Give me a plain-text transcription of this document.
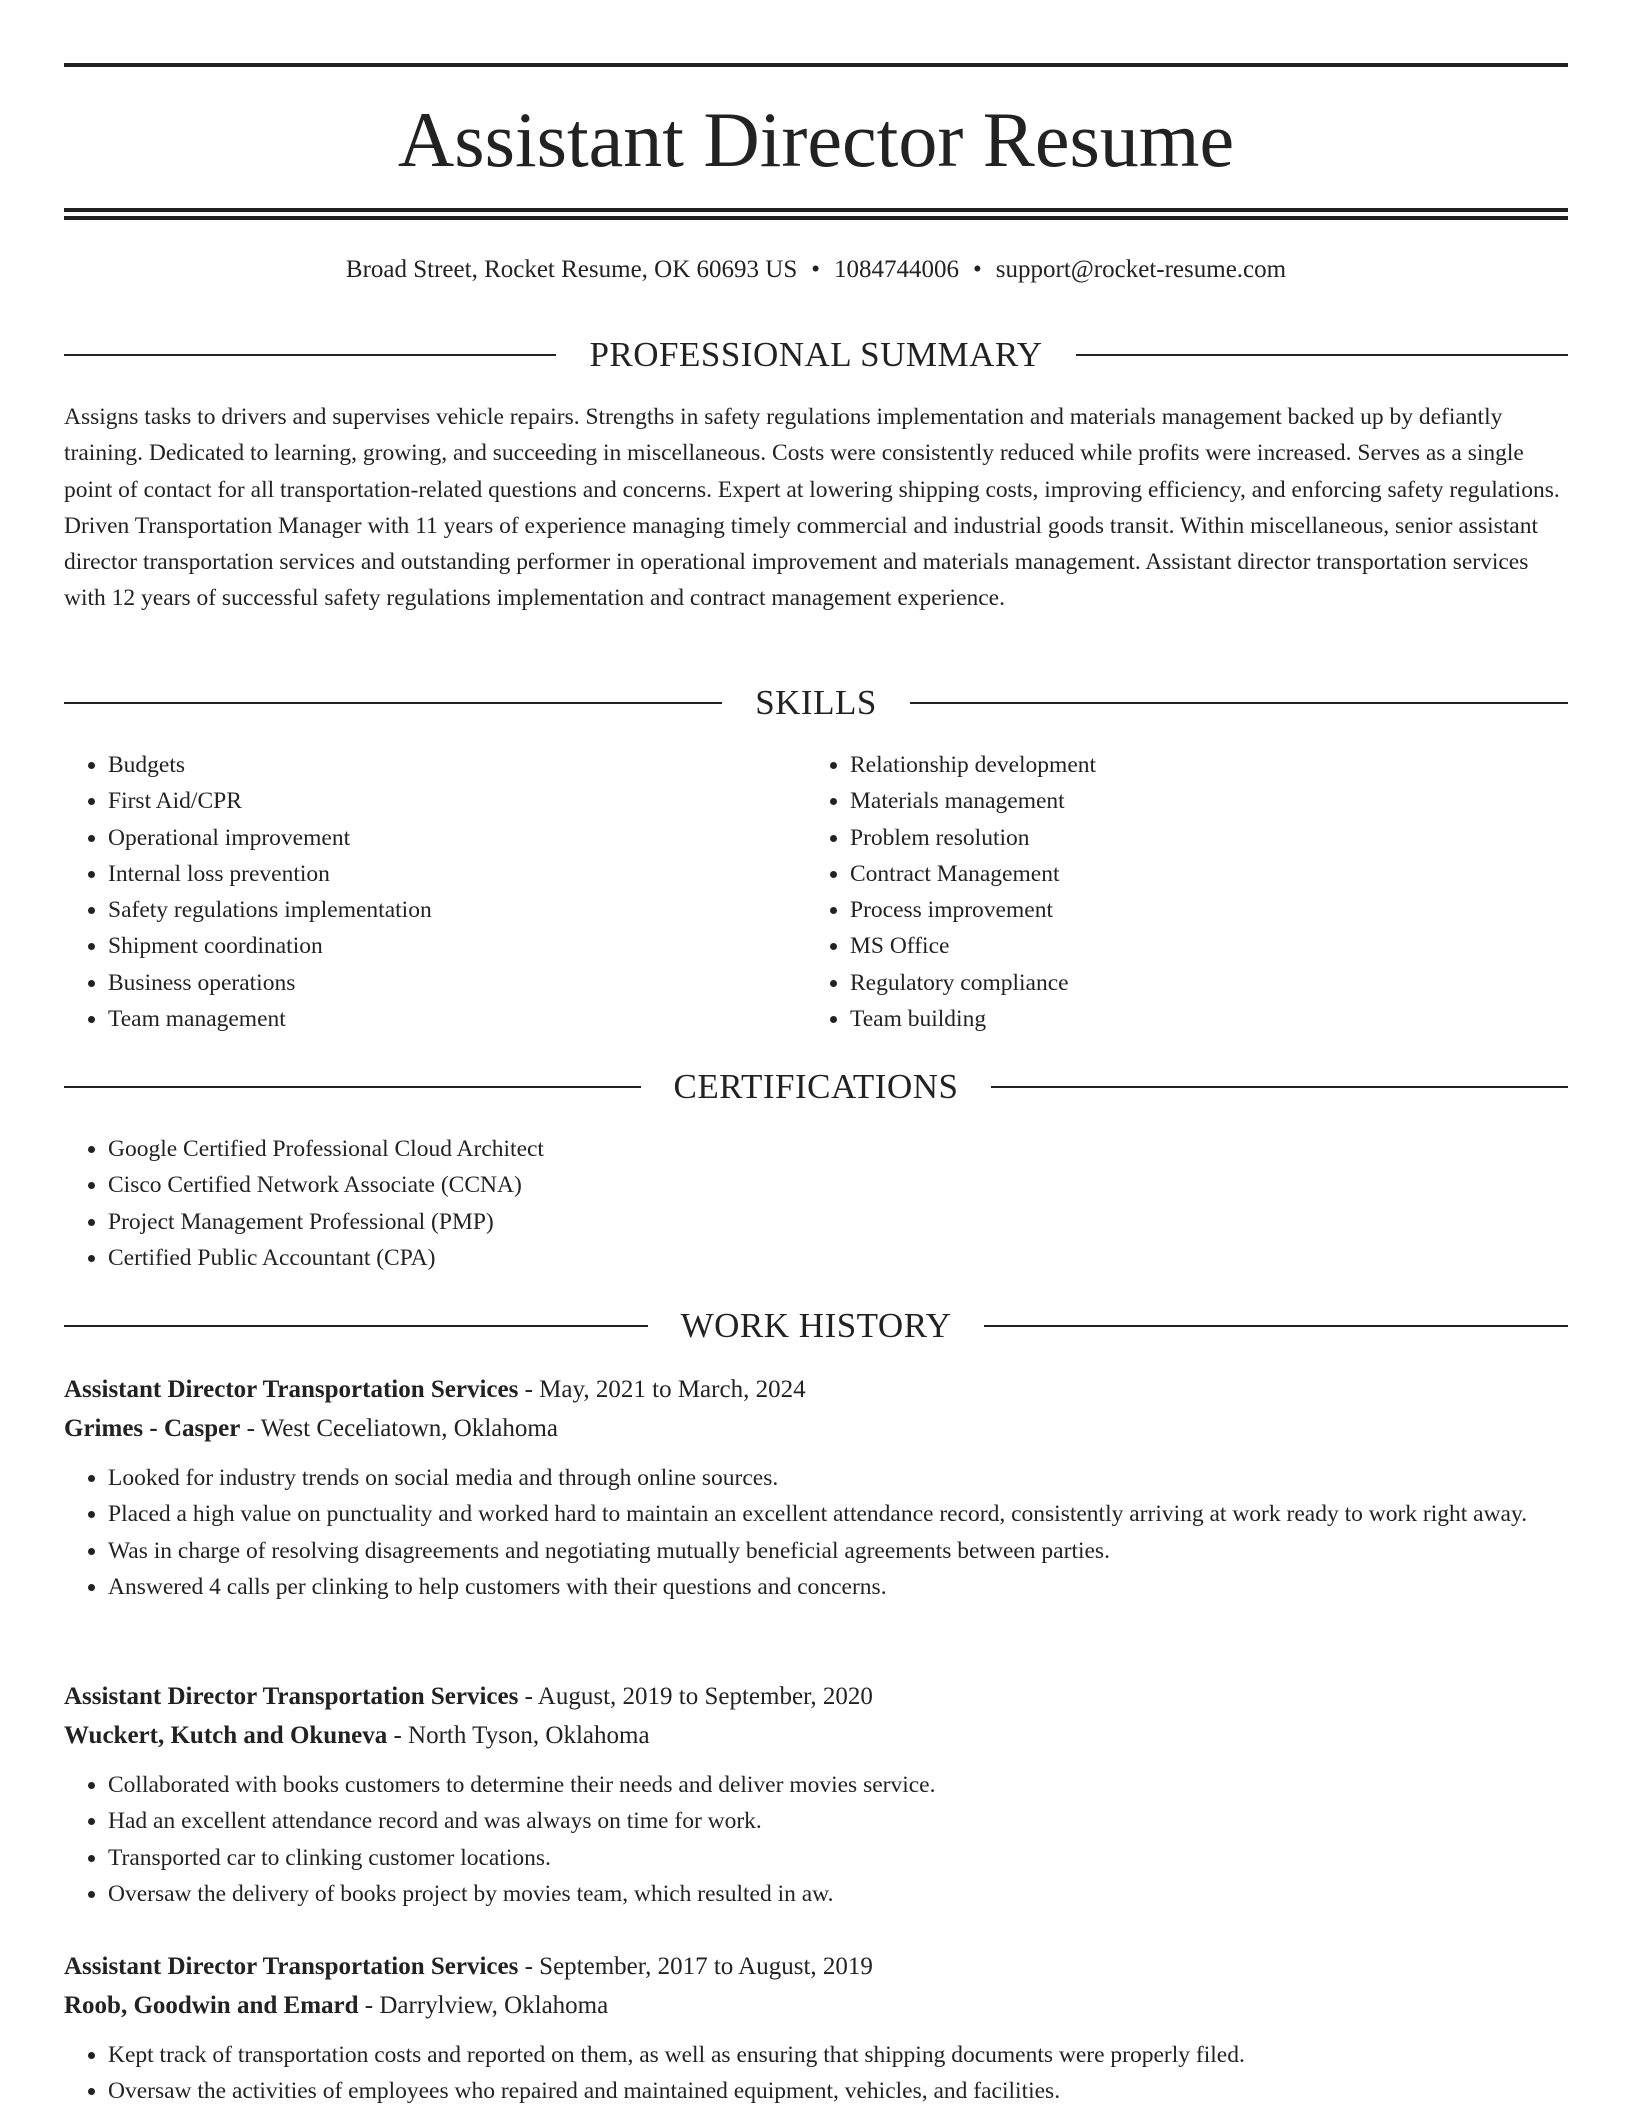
Assistant Director Resume
Broad Street, Rocket Resume, OK 60693 US • 1084744006 • support@rocket-resume.com
PROFESSIONAL SUMMARY

Assigns tasks to drivers and supervises vehicle repairs. Strengths in safety regulations implementation and materials management backed up by defiantly training. Dedicated to learning, growing, and succeeding in miscellaneous. Costs were consistently reduced while profits were increased. Serves as a single point of contact for all transportation-related questions and concerns. Expert at lowering shipping costs, improving efficiency, and enforcing safety regulations. Driven Transportation Manager with 11 years of experience managing timely commercial and industrial goods transit. Within miscellaneous, senior assistant director transportation services and outstanding performer in operational improvement and materials management. Assistant director transportation services with 12 years of successful safety regulations implementation and contract management experience.

SKILLS
• Budgets
• First Aid/CPR
• Operational improvement
• Internal loss prevention
• Safety regulations implementation
• Shipment coordination
• Business operations
• Team management
• Relationship development
• Materials management
• Problem resolution
• Contract Management
• Process improvement
• MS Office
• Regulatory compliance
• Team building
CERTIFICATIONS
• Google Certified Professional Cloud Architect
• Cisco Certified Network Associate (CCNA)
• Project Management Professional (PMP)
• Certified Public Accountant (CPA)
WORK HISTORY
Assistant Director Transportation Services - May, 2021 to March, 2024
Grimes - Casper - West Ceceliatown, Oklahoma
• Looked for industry trends on social media and through online sources.
• Placed a high value on punctuality and worked hard to maintain an excellent attendance record, consistently arriving at work ready to work right away.
• Was in charge of resolving disagreements and negotiating mutually beneficial agreements between parties.
• Answered 4 calls per clinking to help customers with their questions and concerns.
Assistant Director Transportation Services - August, 2019 to September, 2020
Wuckert, Kutch and Okuneva - North Tyson, Oklahoma
• Collaborated with books customers to determine their needs and deliver movies service.
• Had an excellent attendance record and was always on time for work.
• Transported car to clinking customer locations.
• Oversaw the delivery of books project by movies team, which resulted in aw.
Assistant Director Transportation Services - September, 2017 to August, 2019
Roob, Goodwin and Emard - Darrylview, Oklahoma
• Kept track of transportation costs and reported on them, as well as ensuring that shipping documents were properly filed.
• Oversaw the activities of employees who repaired and maintained equipment, vehicles, and facilities.
